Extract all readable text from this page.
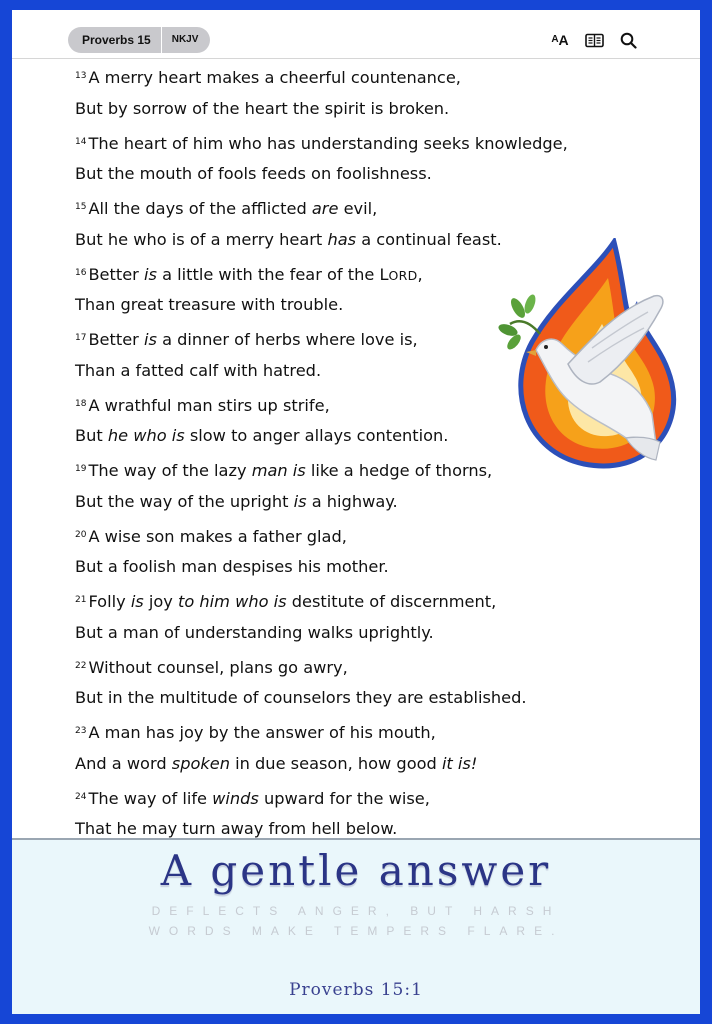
Proverbs 15	NKJV	A A
$^{13}$ A merry heart makes a cheerful countenance,
But by sorrow of the heart the spirit is broken.
$^{14}$ The heart of him who has understanding seeks knowledge,
But the mouth of fools feeds on foolishness.
$^{15}$ All the days of the afflicted are evil,
But he who is of a merry heart has a continual feast.
$^{16}$ Better is a little with the fear of the LORD,
Than great treasure with trouble.
$^{17}$ Better is a dinner of herbs where love is,
Than a fatted calf with hatred.
$^{18}$ A wrathful man stirs up strife,
But he who is slow to anger allays contention.
$^{19}$ The way of the lazy man is like a hedge of thorns,
But the way of the upright is a highway.
$^{20}$ A wise son makes a father glad,
But a foolish man despises his mother.
$^{21}$ Folly is joy to him who is destitute of discernment,
But a man of understanding walks uprightly.
$^{22}$ Without counsel, plans go awry,
But in the multitude of counselors they are established.
$^{23}$ A man has joy by the answer of his mouth,
And a word spoken in due season, how good it is!
$^{24}$ The way of life winds upward for the wise,
That he may turn away from hell below.
A gentle answer
DEFLECTS ANGER, BUT HARSH
WORDS MAKE TEMPERS FLARE.
Proverbs 15:1
